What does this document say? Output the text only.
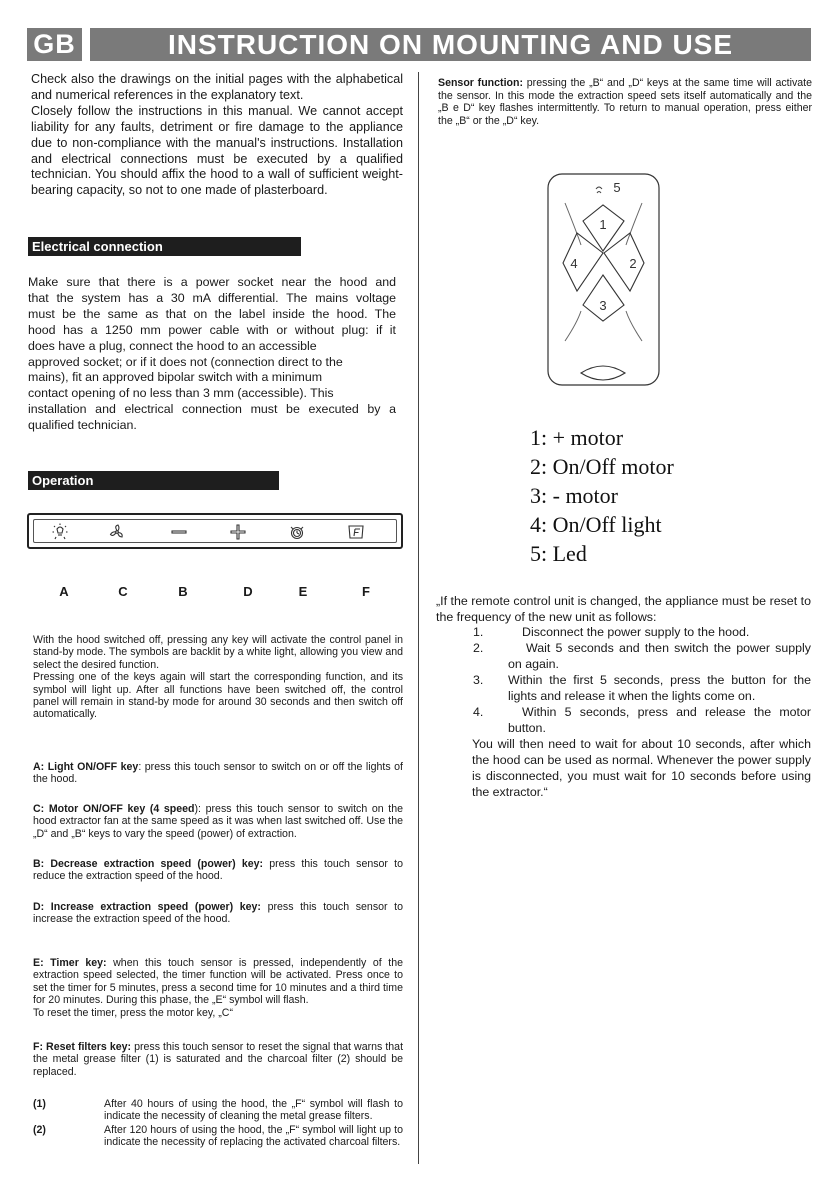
GB	INSTRUCTION ON MOUNTING AND USE

Check also the drawings on the initial pages with the alphabetical and numerical references in the explanatory text.

Closely follow the instructions in this manual. We cannot accept liability for any faults, detriment or fire damage to the appliance due to non-compliance with the manual's instructions. Installation and electrical connections must be executed by a qualified technician. You should affix the hood to a wall of sufficient weight-bearing capacity, so not to one made of plasterboard.

Electrical connection
Make sure that there is a power socket near the hood and
that the system has a 30 mA differential. The mains voltage
must be the same as that on the label inside the hood. The
hood has a 1250 mm power cable with or without plug: if it
does have a plug, connect the hood to an accessible
approved socket; or if it does not (connection direct to the
mains), fit an approved bipolar switch with a minimum
contact opening of no less than 3 mm (accessible). This
installation and electrical connection must be executed by a
qualified technician.
Operation
A	C	B	D	E	F

With the hood switched off, pressing any key will activate the control panel in stand-by mode. The symbols are backlit by a white light, allowing you view and select the desired function.

Pressing one of the keys again will start the corresponding function, and its symbol will light up. After all functions have been switched off, the control panel will remain in stand-by mode for around 30 seconds and then switch off automatically.

A: Light ON/OFF key: press this touch sensor to switch on or off the lights of the hood.
C: Motor ON/OFF key (4 speed): press this touch sensor to switch on the hood extractor fan at the same speed as it was when last switched off. Use the „D“ and „B“ keys to vary the speed (power) of extraction.
B: Decrease extraction speed (power) key: press this touch sensor to reduce the extraction speed of the hood.
D: Increase extraction speed (power) key: press this touch sensor to increase the extraction speed of the hood.
E: Timer key: when this touch sensor is pressed, independently of the extraction speed selected, the timer function will be activated. Press once to set the timer for 5 minutes, press a second time for 10 minutes and a third time for 20 minutes. During this phase, the „E“ symbol will flash.
To reset the timer, press the motor key, „C“
F: Reset filters key: press this touch sensor to reset the signal that warns that the metal grease filter (1) is saturated and the charcoal filter (2) should be replaced.
(1)	After 40 hours of using the hood, the „F“ symbol will flash to indicate the necessity of cleaning the metal grease filters.
(2)	After 120 hours of using the hood, the „F“ symbol will light up to indicate the necessity of replacing the activated charcoal filters.
Sensor function: pressing the „B“ and „D“ keys at the same time will activate the sensor. In this mode the extraction speed sets itself automatically and the „B e D“ key flashes intermittently. To return to manual operation, press either the „B“ or the „D“ key.
1
2
3
4
5
1: + motor
2: On/Off motor
3: - motor
4: On/Off light
5: Led
„If the remote control unit is changed, the appliance must be reset to the frequency of the new unit as follows:
1.	Disconnect the power supply to the hood.
2.	Wait 5 seconds and then switch the power supply on again.
3. Within the first 5 seconds, press the button for the lights and release it when the lights come on.
4.	Within 5 seconds, press and release the motor button.
You will then need to wait for about 10 seconds, after which the hood can be used as normal. Whenever the power supply is disconnected, you must wait for 10 seconds before using the extractor.“
